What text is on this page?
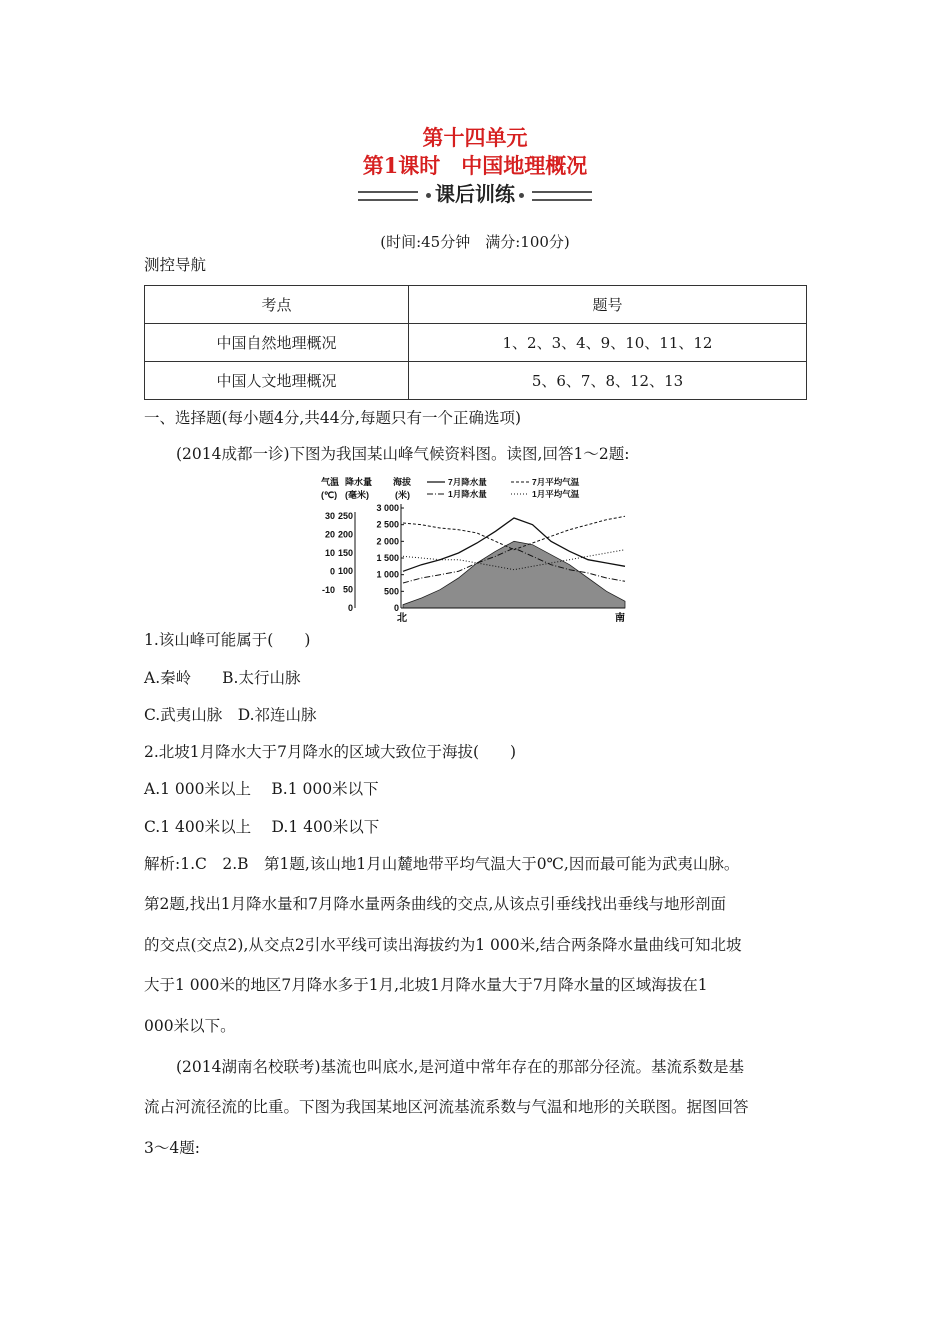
第十四单元
第1课时　中国地理概况
课后训练
(时间:45分钟　满分:100分)
测控导航
考点	题号
中国自然地理概况	1、2、3、4、9、10、11、12
中国人文地理概况	5、6、7、8、12、13
一、选择题(每小题4分,共44分,每题只有一个正确选项)
(2014成都一诊)下图为我国某山峰气候资料图。读图,回答1～2题:
气温 降水量 海拔
(℃) (毫米)	(米)
7月降水量
1月降水量
7月平均气温
1月平均气温
3 000
2 500
2 000
1 500
1 000
500
0
250
200
150
100
50
0
30
20
10
0
-10
北	南
1.该山峰可能属于(　　)
A.秦岭　　B.太行山脉
C.武夷山脉　D.祁连山脉
2.北坡1月降水大于7月降水的区域大致位于海拔(　　)
A.1 000米以上　 B.1 000米以下
C.1 400米以上　 D.1 400米以下
解析:1.C　2.B　第1题,该山地1月山麓地带平均气温大于0℃,因而最可能为武夷山脉。
第2题,找出1月降水量和7月降水量两条曲线的交点,从该点引垂线找出垂线与地形剖面
的交点(交点2),从交点2引水平线可读出海拔约为1 000米,结合两条降水量曲线可知北坡
大于1 000米的地区7月降水多于1月,北坡1月降水量大于7月降水量的区域海拔在1
000米以下。
(2014湖南名校联考)基流也叫底水,是河道中常年存在的那部分径流。基流系数是基
流占河流径流的比重。下图为我国某地区河流基流系数与气温和地形的关联图。据图回答
3～4题:
